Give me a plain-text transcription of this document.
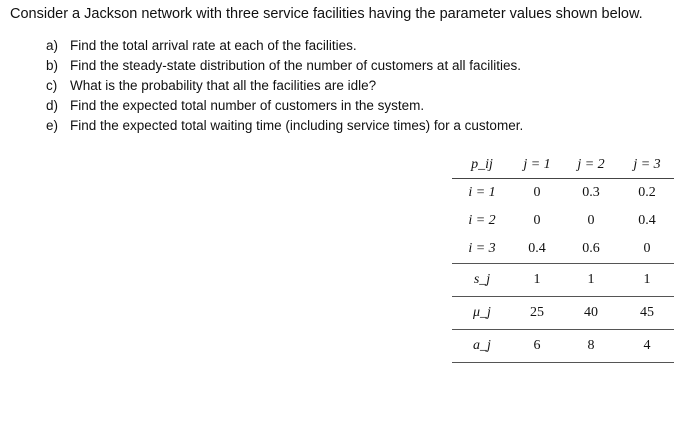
Consider a Jackson network with three service facilities having the parameter values shown below.
a) Find the total arrival rate at each of the facilities.
b) Find the steady-state distribution of the number of customers at all facilities.
c) What is the probability that all the facilities are idle?
d) Find the expected total number of customers in the system.
e) Find the expected total waiting time (including service times) for a customer.
p_ij	j = 1	j = 2	j = 3
i = 1	0	0.3	0.2
i = 2	0	0	0.4
i = 3	0.4	0.6	0
s_j	1	1	1
μ_j	25	40	45
a_j	6	8	4
